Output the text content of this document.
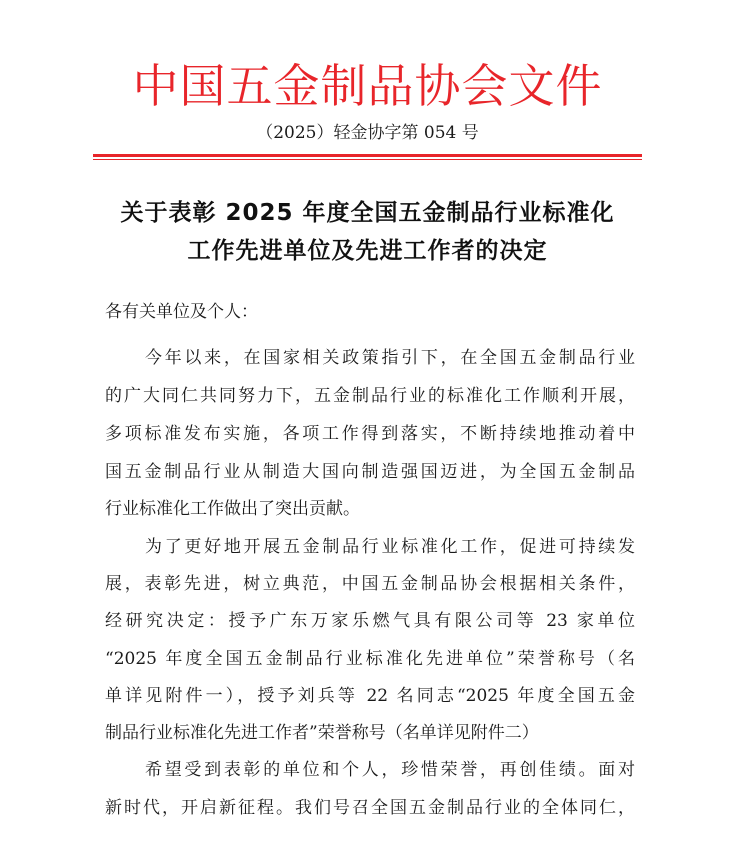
中国五金制品协会文件
（2025）轻金协字第 054 号
关于表彰 2025 年度全国五金制品行业标准化
工作先进单位及先进工作者的决定
各有关单位及个人：
今年以来，在国家相关政策指引下，在全国五金制品行业
的广大同仁共同努力下，五金制品行业的标准化工作顺利开展，
多项标准发布实施，各项工作得到落实，不断持续地推动着中
国五金制品行业从制造大国向制造强国迈进，为全国五金制品
行业标准化工作做出了突出贡献。
为了更好地开展五金制品行业标准化工作，促进可持续发
展，表彰先进，树立典范，中国五金制品协会根据相关条件，
经研究决定：授予广东万家乐燃气具有限公司等 23 家单位
“2025 年度全国五金制品行业标准化先进单位”荣誉称号（名
单详见附件一），授予刘兵等 22 名同志“2025 年度全国五金
制品行业标准化先进工作者”荣誉称号（名单详见附件二）
希望受到表彰的单位和个人，珍惜荣誉，再创佳绩。面对
新时代，开启新征程。我们号召全国五金制品行业的全体同仁，
